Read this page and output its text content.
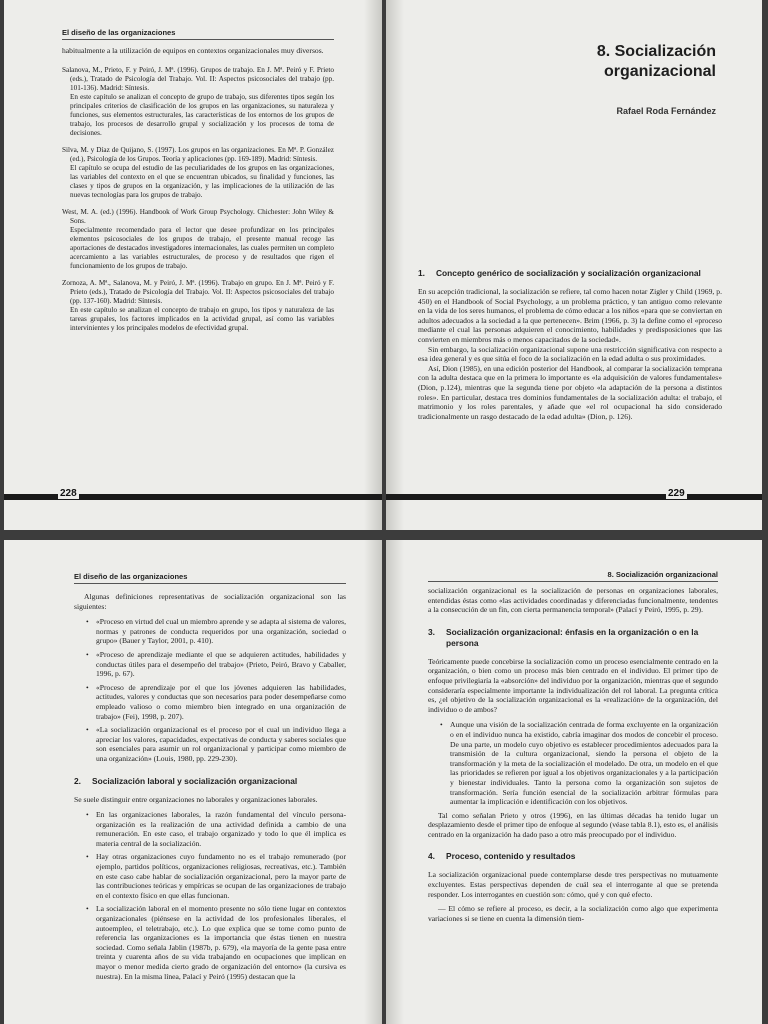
El diseño de las organizaciones

habitualmente a la utilización de equipos en contextos organizacionales muy diversos.

Salanova, M., Prieto, F. y Peiró, J. Mª. (1996). Grupos de trabajo. En J. Mª. Peiró y F. Prieto (eds.), Tratado de Psicología del Trabajo. Vol. II: Aspectos psicosociales del trabajo (pp. 101-136). Madrid: Síntesis.
En este capítulo se analizan el concepto de grupo de trabajo, sus diferentes tipos según los principales criterios de clasificación de los grupos en las organizaciones, su naturaleza y funciones, sus elementos estructurales, las características de los entornos de los grupos de trabajo, los procesos de desarrollo grupal y socialización y los procesos de toma de decisiones.
Silva, M. y Díaz de Quijano, S. (1997). Los grupos en las organizaciones. En Mª. P. González (ed.), Psicología de los Grupos. Teoría y aplicaciones (pp. 169-189). Madrid: Síntesis.
El capítulo se ocupa del estudio de las peculiaridades de los grupos en las organizaciones, las variables del contexto en el que se encuentran ubicados, su finalidad y funciones, las clases y tipos de grupos en la organización, y las implicaciones de la utilización de las nuevas tecnologías para los grupos de trabajo.
West, M. A. (ed.) (1996). Handbook of Work Group Psychology. Chichester: John Wiley & Sons.
Especialmente recomendado para el lector que desee profundizar en los principales elementos psicosociales de los grupos de trabajo, el presente manual recoge las aportaciones de destacados investigadores internacionales, las cuales permiten un completo acercamiento a las variables estructurales, de proceso y de resultados que rigen el funcionamiento de los grupos de trabajo.
Zornoza, A. Mª., Salanova, M. y Peiró, J. Mª. (1996). Trabajo en grupo. En J. Mª. Peiró y F. Prieto (eds.), Tratado de Psicología del Trabajo. Vol. II: Aspectos psicosociales del trabajo (pp. 137-160). Madrid: Síntesis.
En este capítulo se analizan el concepto de trabajo en grupo, los tipos y naturaleza de las tareas grupales, los factores implicados en la actividad grupal, así como las variables intervinientes y los principales modelos de efectividad grupal.
228
8. Socialización
organizacional
Rafael Roda Fernández
1.	Concepto genérico de socialización y socialización organizacional

En su acepción tradicional, la socialización se refiere, tal como hacen notar Zigler y Child (1969, p. 450) en el Handbook of Social Psychology, a un problema práctico, y tan antiguo como relevante en la vida de los seres humanos, el problema de cómo educar a los niños «para que se conviertan en adultos adecuados a la sociedad a la que pertenecen». Brim (1966, p. 3) la define como el «proceso mediante el cual las personas adquieren el conocimiento, habilidades y predisposiciones que las convierten en miembros más o menos capacitados de la sociedad».

Sin embargo, la socialización organizacional supone una restricción significativa con respecto a esa idea general y es que sitúa el foco de la socialización en la edad adulta o sus proximidades.

Así, Dion (1985), en una edición posterior del Handbook, al comparar la socialización temprana con la adulta destaca que en la primera lo importante es «la adquisición de valores fundamentales» (Dion, p.124), mientras que la segunda tiene por objeto «la adaptación de la persona a distintos roles». En particular, destaca tres dominios fundamentales de la socialización adulta: el trabajo, el matrimonio y los roles parentales, y añade que «el rol ocupacional ha sido considerado tradicionalmente un rasgo destacado de la edad adulta» (Dion, p. 126).

229
El diseño de las organizaciones

Algunas definiciones representativas de socialización organizacional son las siguientes:

• «Proceso en virtud del cual un miembro aprende y se adapta al sistema de valores, normas y patrones de conducta requeridos por una organización, sociedad o grupo» (Bauer y Taylor, 2001, p. 410).
• «Proceso de aprendizaje mediante el que se adquieren actitudes, habilidades y conductas útiles para el desempeño del trabajo» (Prieto, Peiró, Bravo y Caballer, 1996, p. 67).
• «Proceso de aprendizaje por el que los jóvenes adquieren las habilidades, actitudes, valores y conductas que son necesarios para poder desempeñarse como empleado valioso o como miembro bien integrado en una organización de trabajo» (Fei), 1998, p. 207).
• «La socialización organizacional es el proceso por el cual un individuo llega a apreciar los valores, capacidades, expectativas de conducta y saberes sociales que son esenciales para asumir un rol organizacional y participar como miembro de una organización» (Louis, 1980, pp. 229-230).
2.	Socialización laboral y socialización organizacional

Se suele distinguir entre organizaciones no laborales y organizaciones laborales.

• En las organizaciones laborales, la razón fundamental del vínculo persona-organización es la realización de una actividad definida a cambio de una remuneración. En este caso, el trabajo organizado y todo lo que él implica es materia central de la socialización.
• Hay otras organizaciones cuyo fundamento no es el trabajo remunerado (por ejemplo, partidos políticos, organizaciones religiosas, recreativas, etc.). También en este caso cabe hablar de socialización organizacional, pero la mayor parte de las contribuciones teóricas y empíricas se ocupan de las organizaciones de trabajo en el contexto físico en que ellas funcionan.
• La socialización laboral en el momento presente no sólo tiene lugar en contextos organizacionales (piénsese en la actividad de los profesionales liberales, el autoempleo, el teletrabajo, etc.). Lo que explica que se tome como punto de referencia las organizaciones es la importancia que éstas tienen en nuestra sociedad. Como señala Jablin (1987b, p. 679), «la mayoría de la gente pasa entre treinta y cuarenta años de su vida trabajando en ocupaciones que implican en mayor o menor medida cierto grado de organización del entorno» (la cursiva es nuestra). En la misma línea, Palací y Peiró (1995) destacan que la
8. Socialización organizacional

socialización organizacional es la socialización de personas en organizaciones laborales, entendidas éstas como «las actividades coordinadas y diferenciadas funcionalmente, tendentes a la consecución de un fin, con cierta permanencia temporal» (Palací y Peiró, 1995, p. 29).

3.	Socialización organizacional: énfasis en la organización o en la persona

Teóricamente puede concebirse la socialización como un proceso esencialmente centrado en la organización, o bien como un proceso más bien centrado en el individuo. El primer tipo de enfoque privilegiaría la «absorción» del individuo por la organización, mientras que el segundo consideraría especialmente importante la individualización del rol laboral. La pregunta crítica es, ¿el objetivo de la socialización organizacional es la «realización» de la organización, del individuo o de ambos?

• Aunque una visión de la socialización centrada de forma excluyente en la organización o en el individuo nunca ha existido, cabría imaginar dos modos de concebir el proceso. De una parte, un modelo cuyo objetivo es establecer procedimientos adecuados para la transmisión de la cultura organizacional, siendo la persona el objeto de la transformación y la meta de la socialización el modelado. De otra, un modelo en el que las prioridades se refieren por igual a los objetivos organizacionales y a la participación y bienestar individuales. Tanto la persona como la organización son sujetos de transformación. Sería función esencial de la socialización arbitrar fórmulas para aumentar la implicación e identificación con los objetivos.

Tal como señalan Prieto y otros (1996), en las últimas décadas ha tenido lugar un desplazamiento desde el primer tipo de enfoque al segundo (véase tabla 8.1), esto es, el análisis centrado en la organización ha dado paso a otro más preocupado por el individuo.

4.	Proceso, contenido y resultados

La socialización organizacional puede contemplarse desde tres perspectivas no mutuamente excluyentes. Estas perspectivas dependen de cuál sea el interrogante al que se pretenda responder. Los interrogantes en cuestión son: cómo, qué y con qué efecto.

— El cómo se refiere al proceso, es decir, a la socialización como algo que experimenta variaciones si se tiene en cuenta la dimensión tiem-
